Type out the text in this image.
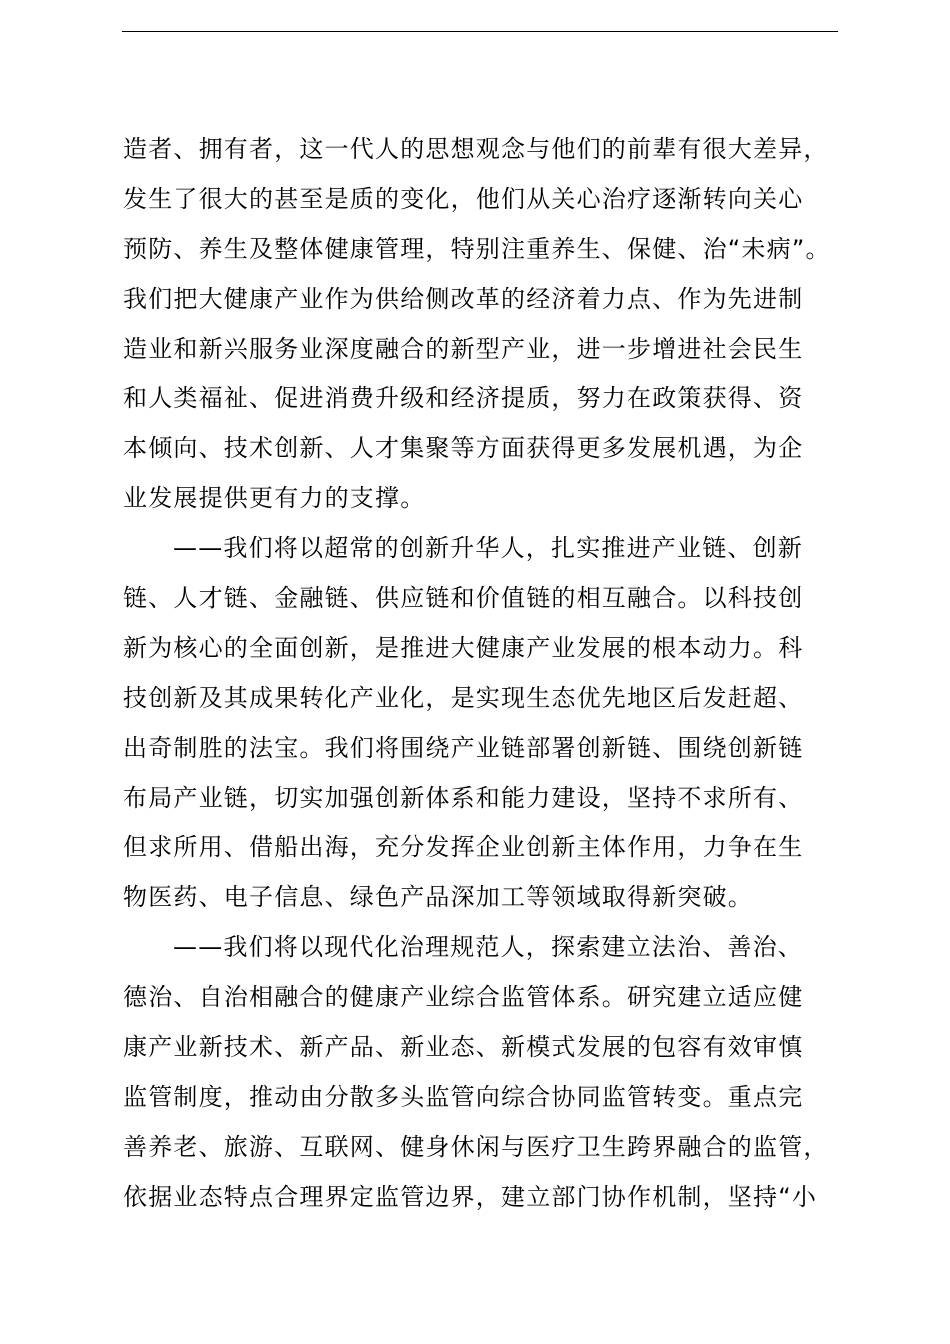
造者、拥有者，这一代人的思想观念与他们的前辈有很大差异，
发生了很大的甚至是质的变化，他们从关心治疗逐渐转向关心
预防、养生及整体健康管理，特别注重养生、保健、治“未病”。
我们把大健康产业作为供给侧改革的经济着力点、作为先进制
造业和新兴服务业深度融合的新型产业，进一步增进社会民生
和人类福祉、促进消费升级和经济提质，努力在政策获得、资
本倾向、技术创新、人才集聚等方面获得更多发展机遇，为企
业发展提供更有力的支撑。
——我们将以超常的创新升华人，扎实推进产业链、创新
链、人才链、金融链、供应链和价值链的相互融合。以科技创
新为核心的全面创新，是推进大健康产业发展的根本动力。科
技创新及其成果转化产业化，是实现生态优先地区后发赶超、
出奇制胜的法宝。我们将围绕产业链部署创新链、围绕创新链
布局产业链，切实加强创新体系和能力建设，坚持不求所有、
但求所用、借船出海，充分发挥企业创新主体作用，力争在生
物医药、电子信息、绿色产品深加工等领域取得新突破。
——我们将以现代化治理规范人，探索建立法治、善治、
德治、自治相融合的健康产业综合监管体系。研究建立适应健
康产业新技术、新产品、新业态、新模式发展的包容有效审慎
监管制度，推动由分散多头监管向综合协同监管转变。重点完
善养老、旅游、互联网、健身休闲与医疗卫生跨界融合的监管，
依据业态特点合理界定监管边界，建立部门协作机制，坚持“小
